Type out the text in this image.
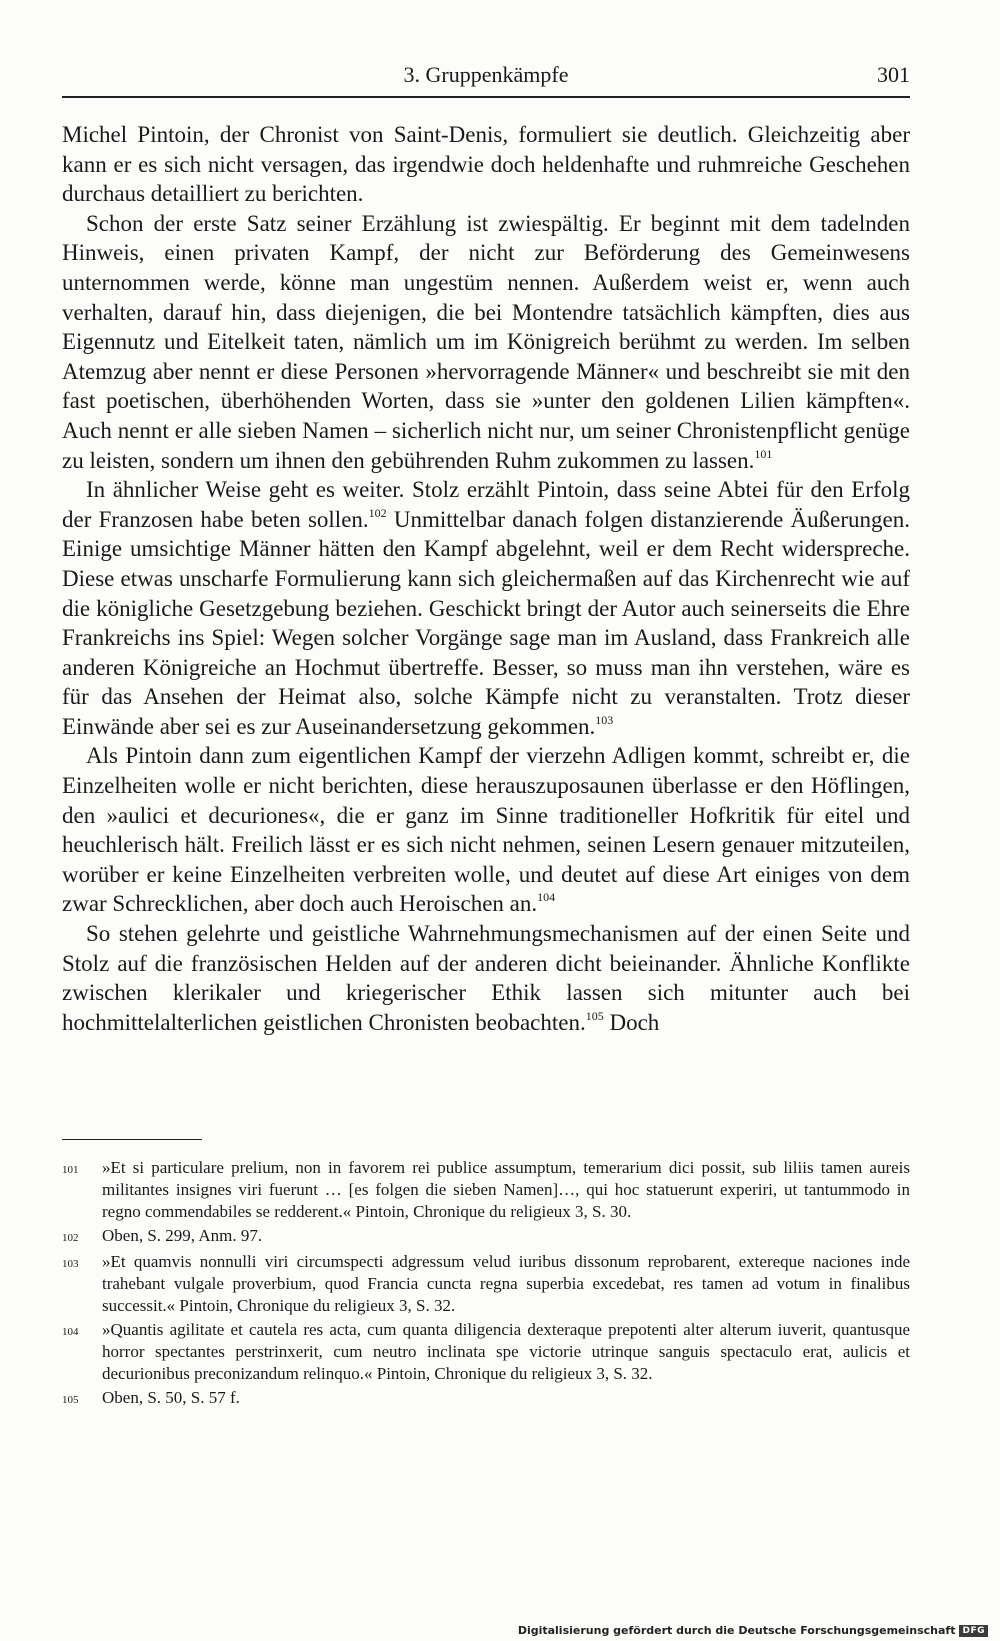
3. Gruppenkämpfe	301

Michel Pintoin, der Chronist von Saint-Denis, formuliert sie deutlich. Gleichzeitig aber kann er es sich nicht versagen, das irgendwie doch heldenhafte und ruhmreiche Geschehen durchaus detailliert zu berichten.

Schon der erste Satz seiner Erzählung ist zwiespältig. Er beginnt mit dem tadelnden Hinweis, einen privaten Kampf, der nicht zur Beförderung des Gemeinwesens unternommen werde, könne man ungestüm nennen. Außerdem weist er, wenn auch verhalten, darauf hin, dass diejenigen, die bei Montendre tatsächlich kämpften, dies aus Eigennutz und Eitelkeit taten, nämlich um im Königreich berühmt zu werden. Im selben Atemzug aber nennt er diese Personen »hervorragende Männer« und beschreibt sie mit den fast poetischen, überhöhenden Worten, dass sie »unter den goldenen Lilien kämpften«. Auch nennt er alle sieben Namen – sicherlich nicht nur, um seiner Chronistenpflicht genüge zu leisten, sondern um ihnen den gebührenden Ruhm zukommen zu lassen.$^{101}$

In ähnlicher Weise geht es weiter. Stolz erzählt Pintoin, dass seine Abtei für den Erfolg der Franzosen habe beten sollen.$^{102}$ Unmittelbar danach folgen distanzierende Äußerungen. Einige umsichtige Männer hätten den Kampf abgelehnt, weil er dem Recht widerspreche. Diese etwas unscharfe Formulierung kann sich gleichermaßen auf das Kirchenrecht wie auf die königliche Gesetzgebung beziehen. Geschickt bringt der Autor auch seinerseits die Ehre Frankreichs ins Spiel: Wegen solcher Vorgänge sage man im Ausland, dass Frankreich alle anderen Königreiche an Hochmut übertreffe. Besser, so muss man ihn verstehen, wäre es für das Ansehen der Heimat also, solche Kämpfe nicht zu veranstalten. Trotz dieser Einwände aber sei es zur Auseinandersetzung gekommen.$^{103}$

Als Pintoin dann zum eigentlichen Kampf der vierzehn Adligen kommt, schreibt er, die Einzelheiten wolle er nicht berichten, diese herauszuposaunen überlasse er den Höflingen, den »aulici et decuriones«, die er ganz im Sinne traditioneller Hofkritik für eitel und heuchlerisch hält. Freilich lässt er es sich nicht nehmen, seinen Lesern genauer mitzuteilen, worüber er keine Einzelheiten verbreiten wolle, und deutet auf diese Art einiges von dem zwar Schrecklichen, aber doch auch Heroischen an.$^{104}$

So stehen gelehrte und geistliche Wahrnehmungsmechanismen auf der einen Seite und Stolz auf die französischen Helden auf der anderen dicht beieinander. Ähnliche Konflikte zwischen klerikaler und kriegerischer Ethik lassen sich mitunter auch bei hochmittelalterlichen geistlichen Chronisten beobachten.$^{105}$ Doch

101	»Et si particulare prelium, non in favorem rei publice assumptum, temerarium dici possit, sub liliis tamen aureis militantes insignes viri fuerunt … [es folgen die sieben Namen]…, qui hoc statuerunt experiri, ut tantummodo in regno commendabiles se redderent.« Pintoin, Chronique du religieux 3, S. 30.
102	Oben, S. 299, Anm. 97.
103	»Et quamvis nonnulli viri circumspecti adgressum velud iuribus dissonum reprobarent, extereque naciones inde trahebant vulgale proverbium, quod Francia cuncta regna superbia excedebat, res tamen ad votum in finalibus successit.« Pintoin, Chronique du religieux 3, S. 32.
104	»Quantis agilitate et cautela res acta, cum quanta diligencia dexteraque prepotenti alter alterum iuverit, quantusque horror spectantes perstrinxerit, cum neutro inclinata spe victorie utrinque sanguis spectaculo erat, aulicis et decurionibus preconizandum relinquo.« Pintoin, Chronique du religieux 3, S. 32.
105	Oben, S. 50, S. 57 f.
Digitalisierung gefördert durch die Deutsche Forschungsgemeinschaft DFG
